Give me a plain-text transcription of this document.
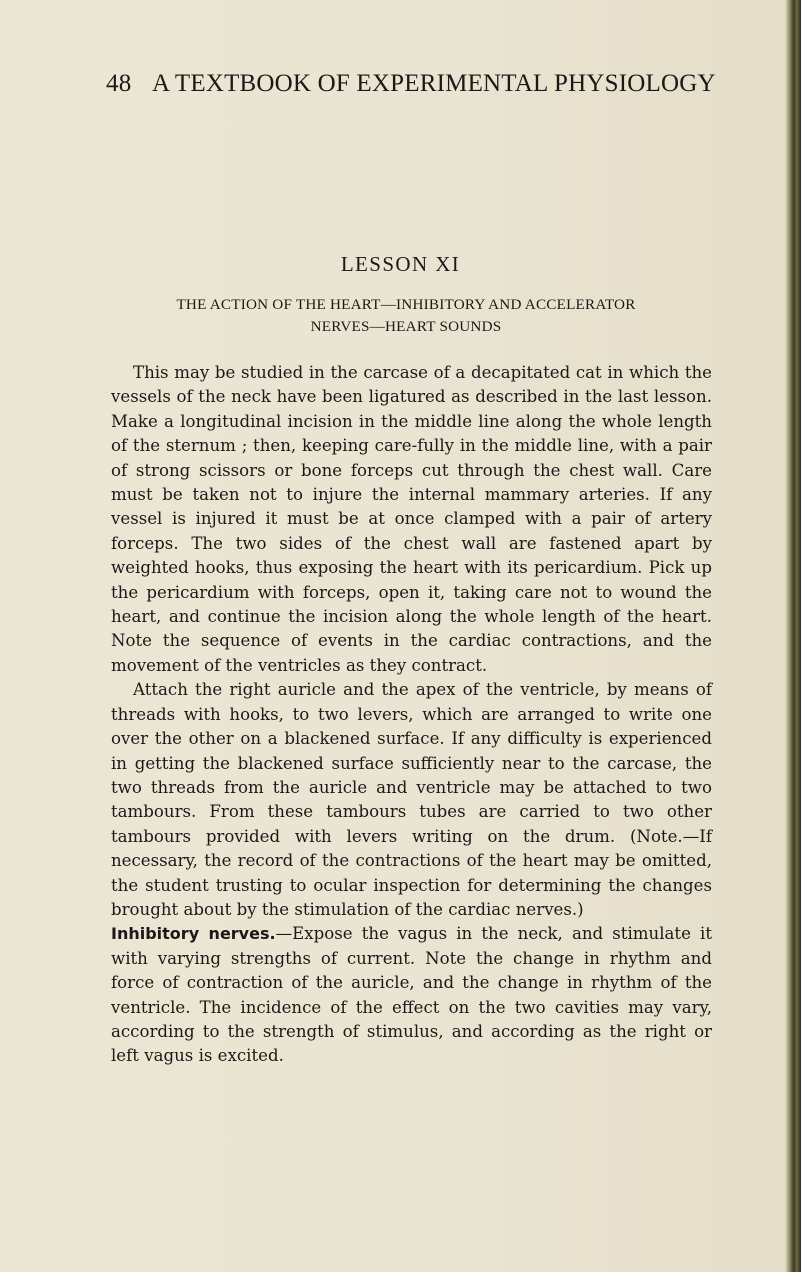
48 A TEXTBOOK OF EXPERIMENTAL PHYSIOLOGY
LESSON XI
THE ACTION OF THE HEART—INHIBITORY AND ACCELERATOR
NERVES—HEART SOUNDS

This may be studied in the carcase of a decapitated cat in which the vessels of the neck have been ligatured as described in the last lesson. Make a longitudinal incision in the middle line along the whole length of the sternum ; then, keeping care-fully in the middle line, with a pair of strong scissors or bone forceps cut through the chest wall. Care must be taken not to injure the internal mammary arteries. If any vessel is injured it must be at once clamped with a pair of artery forceps. The two sides of the chest wall are fastened apart by weighted hooks, thus exposing the heart with its pericardium. Pick up the pericardium with forceps, open it, taking care not to wound the heart, and continue the incision along the whole length of the heart. Note the sequence of events in the cardiac contractions, and the movement of the ventricles as they contract.

Attach the right auricle and the apex of the ventricle, by means of threads with hooks, to two levers, which are arranged to write one over the other on a blackened surface. If any difficulty is experienced in getting the blackened surface sufficiently near to the carcase, the two threads from the auricle and ventricle may be attached to two tambours. From these tambours tubes are carried to two other tambours provided with levers writing on the drum. (Note.—If necessary, the record of the contractions of the heart may be omitted, the student trusting to ocular inspection for determining the changes brought about by the stimulation of the cardiac nerves.)

Inhibitory nerves.—Expose the vagus in the neck, and stimulate it with varying strengths of current. Note the change in rhythm and force of contraction of the auricle, and the change in rhythm of the ventricle. The incidence of the effect on the two cavities may vary, according to the strength of stimulus, and according as the right or left vagus is excited.
